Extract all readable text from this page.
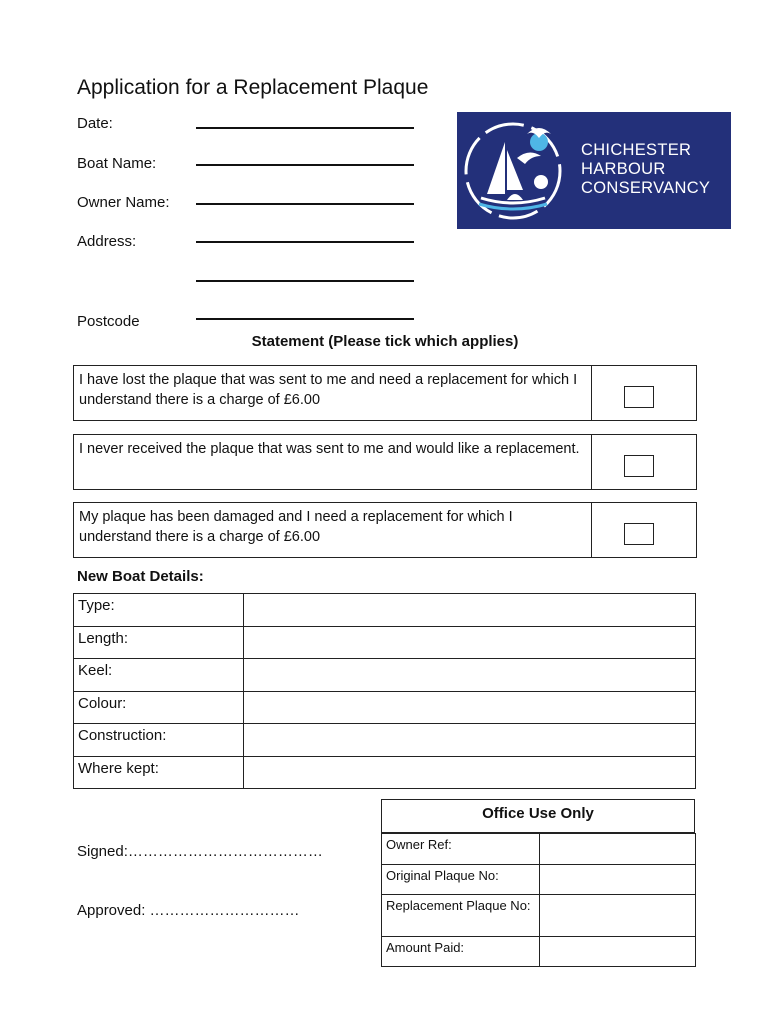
Application for a Replacement Plaque
Date:
Boat Name:
Owner Name:
Address:
Postcode
CHICHESTER
HARBOUR
CONSERVANCY
Statement (Please tick which applies)
I have lost the plaque that was sent to me and need a replacement for which I understand there is a charge of £6.00
I never received the plaque that was sent to me and would like a replacement.
My plaque has been damaged and I need a replacement for which I understand there is a charge of £6.00
New Boat Details:
Type:	
Length:	
Keel:	
Colour:	
Construction:	
Where kept:	
Office Use Only
Owner Ref:	
Original Plaque No:	
Replacement Plaque No:	
Amount Paid:	
Signed:…………………………………
Approved: …………………………
